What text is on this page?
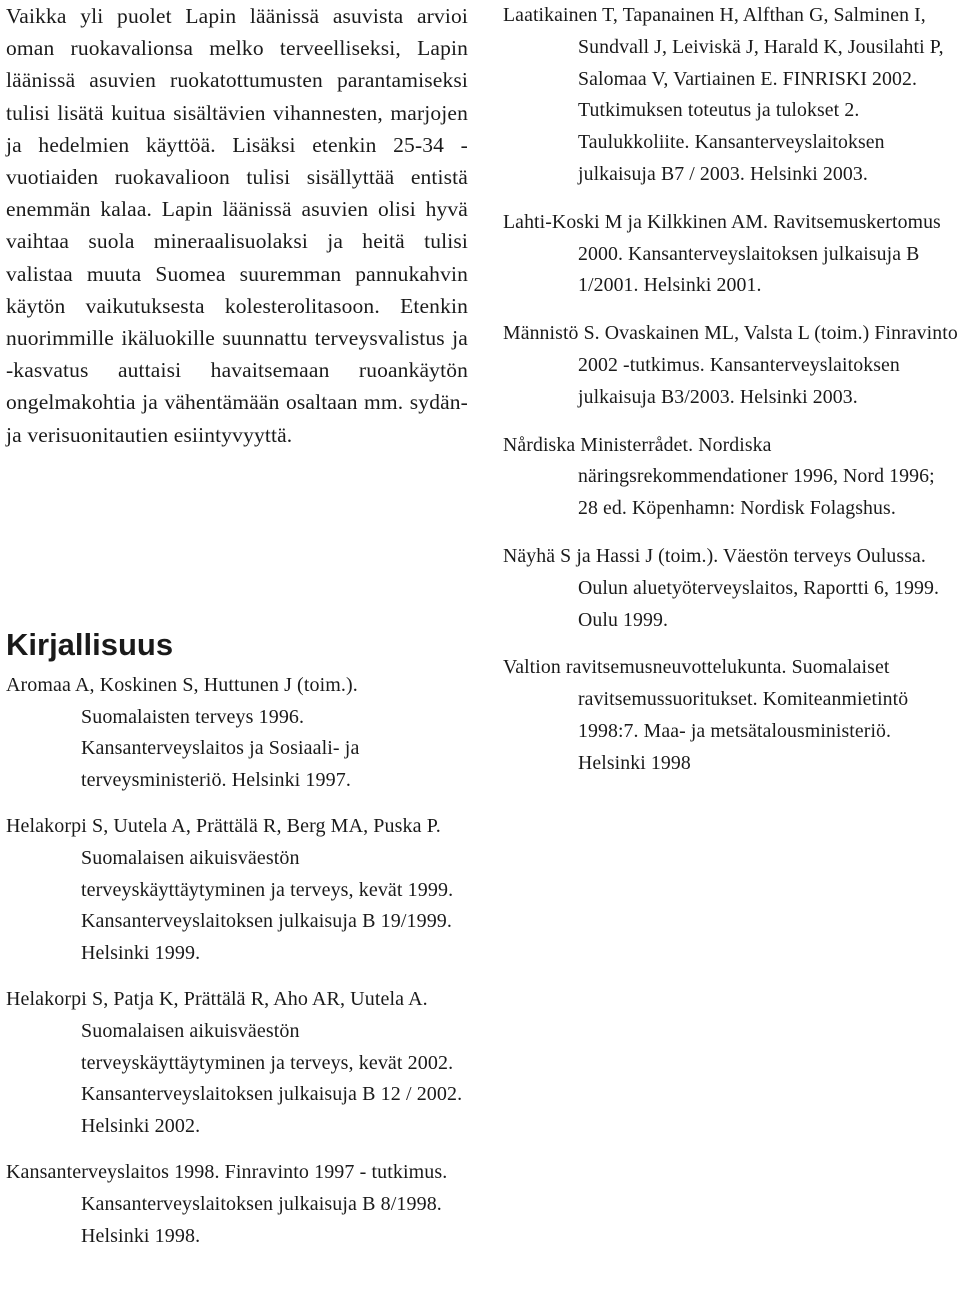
Vaikka yli puolet Lapin läänissä asuvista arvioi oman ruokavalionsa melko terveelliseksi, Lapin läänissä asuvien ruokatottumusten parantamiseksi tulisi lisätä kuitua sisältävien vihannesten, marjojen ja hedelmien käyttöä. Lisäksi etenkin 25-34 -vuotiaiden ruokavalioon tulisi sisällyttää entistä enemmän kalaa. Lapin läänissä asuvien olisi hyvä vaihtaa suola mineraalisuolaksi ja heitä tulisi valistaa muuta Suomea suuremman pannukahvin käytön vaikutuksesta kolesterolitasoon. Etenkin nuorimmille ikäluokille suunnattu terveysvalistus ja -kasvatus auttaisi havaitsemaan ruoankäytön ongelmakohtia ja vähentämään osaltaan mm. sydän- ja verisuonitautien esiintyvyyttä.

Kirjallisuus
Aromaa A, Koskinen S, Huttunen J (toim.). Suomalaisten terveys 1996. Kansanterveyslaitos ja Sosiaali- ja terveysministeriö. Helsinki 1997.
Helakorpi S, Uutela A, Prättälä R, Berg MA, Puska P. Suomalaisen aikuisväestön terveyskäyttäytyminen ja terveys, kevät 1999. Kansanterveyslaitoksen julkaisuja B 19/1999. Helsinki 1999.
Helakorpi S, Patja K, Prättälä R, Aho AR, Uutela A. Suomalaisen aikuisväestön terveyskäyttäytyminen ja terveys, kevät 2002. Kansanterveyslaitoksen julkaisuja B 12 / 2002. Helsinki 2002.
Kansanterveyslaitos 1998. Finravinto 1997 - tutkimus. Kansanterveyslaitoksen julkaisuja B 8/1998. Helsinki 1998.
Laatikainen T, Tapanainen H, Alfthan G, Salminen I, Sundvall J, Leiviskä J, Harald K, Jousilahti P, Salomaa V, Vartiainen E. FINRISKI 2002. Tutkimuksen toteutus ja tulokset 2. Taulukkoliite. Kansanterveyslaitoksen julkaisuja B7 / 2003. Helsinki 2003.
Lahti-Koski M ja Kilkkinen AM. Ravitsemuskertomus 2000. Kansanterveyslaitoksen julkaisuja B 1/2001. Helsinki 2001.
Männistö S. Ovaskainen ML, Valsta L (toim.) Finravinto 2002 -tutkimus. Kansanterveyslaitoksen julkaisuja B3/2003. Helsinki 2003.
Nårdiska Ministerrådet. Nordiska näringsrekommendationer 1996, Nord 1996; 28 ed. Köpenhamn: Nordisk Folagshus.
Näyhä S ja Hassi J (toim.). Väestön terveys Oulussa. Oulun aluetyöterveyslaitos, Raportti 6, 1999. Oulu 1999.
Valtion ravitsemusneuvottelukunta. Suomalaiset ravitsemussuoritukset. Komiteanmietintö 1998:7. Maa- ja metsätalousministeriö. Helsinki 1998
